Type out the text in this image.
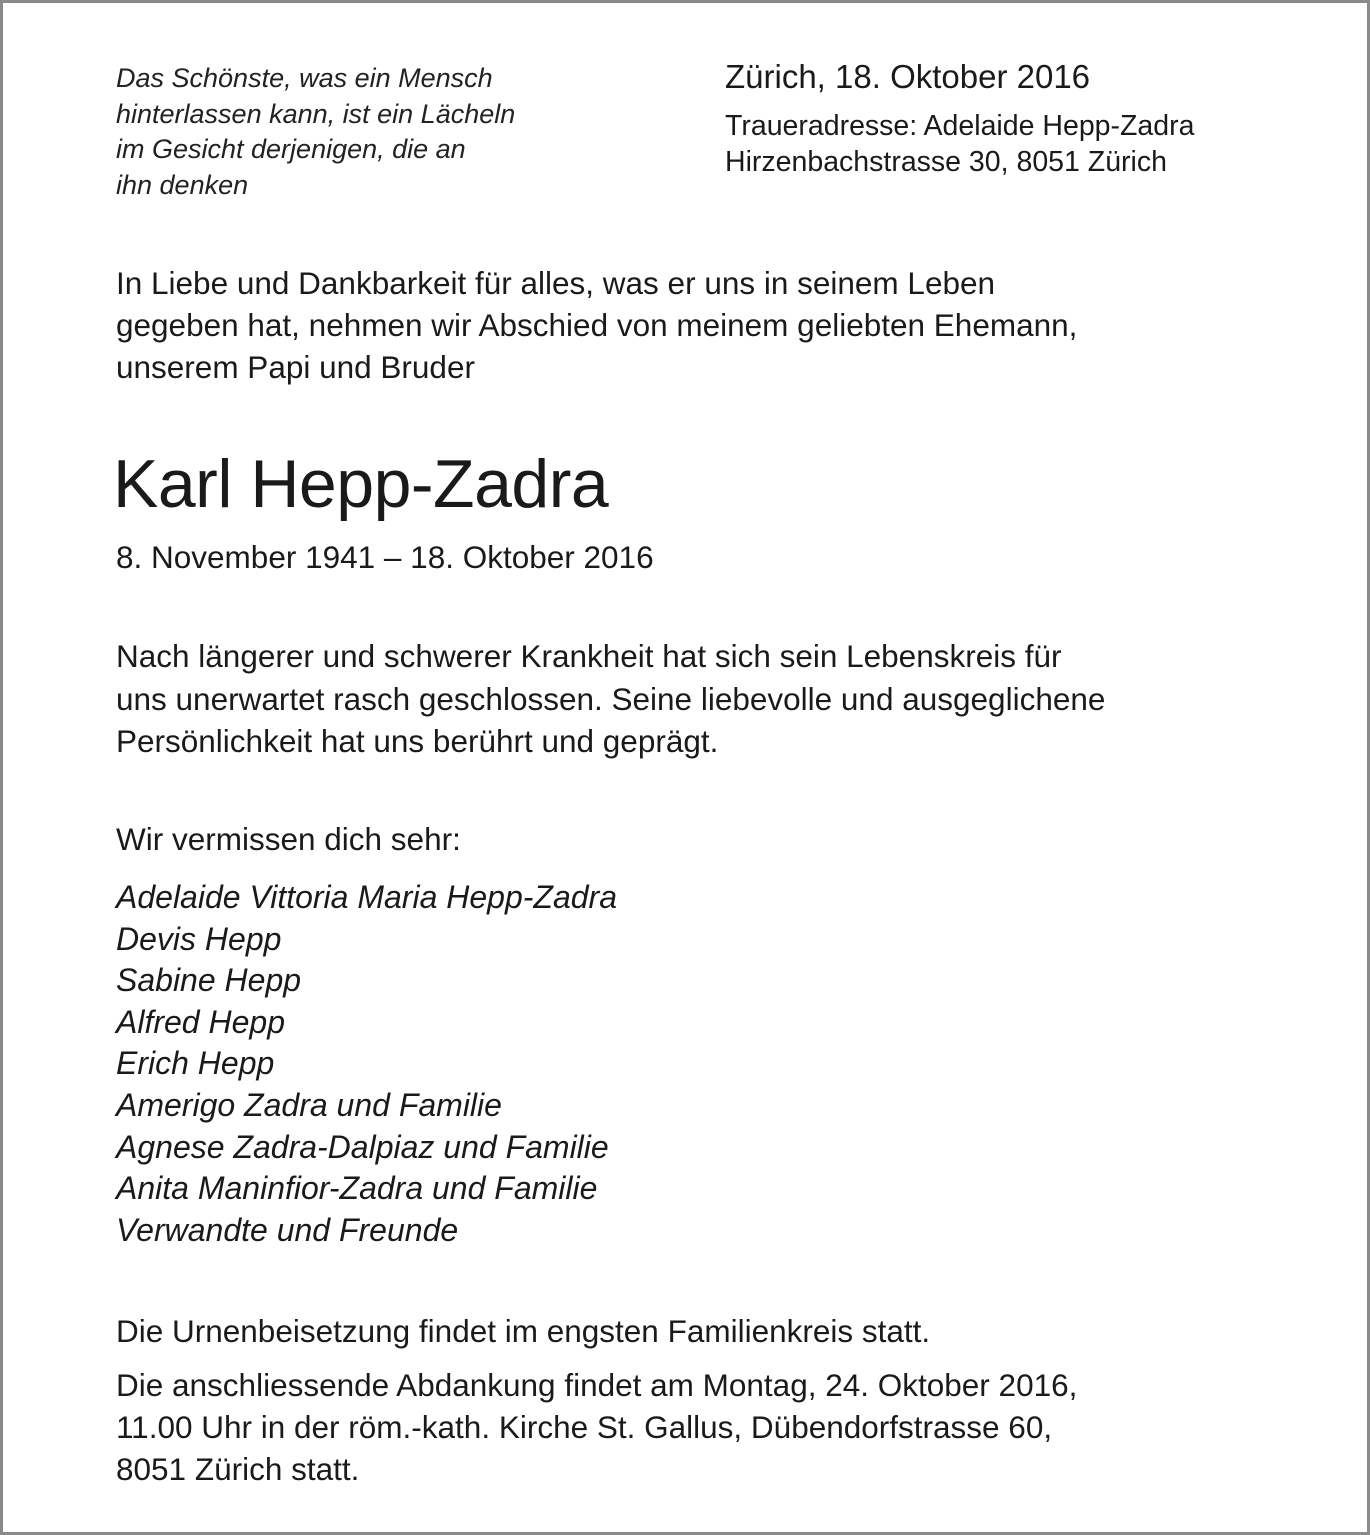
Das Schönste, was ein Mensch
hinterlassen kann, ist ein Lächeln
im Gesicht derjenigen, die an
ihn denken
Zürich, 18. Oktober 2016
Traueradresse: Adelaide Hepp-Zadra
Hirzenbachstrasse 30, 8051 Zürich
In Liebe und Dankbarkeit für alles, was er uns in seinem Leben
gegeben hat, nehmen wir Abschied von meinem geliebten Ehemann,
unserem Papi und Bruder
Karl Hepp-Zadra
8. November 1941 – 18. Oktober 2016
Nach längerer und schwerer Krankheit hat sich sein Lebenskreis für
uns unerwartet rasch geschlossen. Seine liebevolle und ausgeglichene
Persönlichkeit hat uns berührt und geprägt.
Wir vermissen dich sehr:
Adelaide Vittoria Maria Hepp-Zadra
Devis Hepp
Sabine Hepp
Alfred Hepp
Erich Hepp
Amerigo Zadra und Familie
Agnese Zadra-Dalpiaz und Familie
Anita Maninfior-Zadra und Familie
Verwandte und Freunde
Die Urnenbeisetzung findet im engsten Familienkreis statt.
Die anschliessende Abdankung findet am Montag, 24. Oktober 2016,
11.00 Uhr in der röm.-kath. Kirche St. Gallus, Dübendorfstrasse 60,
8051 Zürich statt.
